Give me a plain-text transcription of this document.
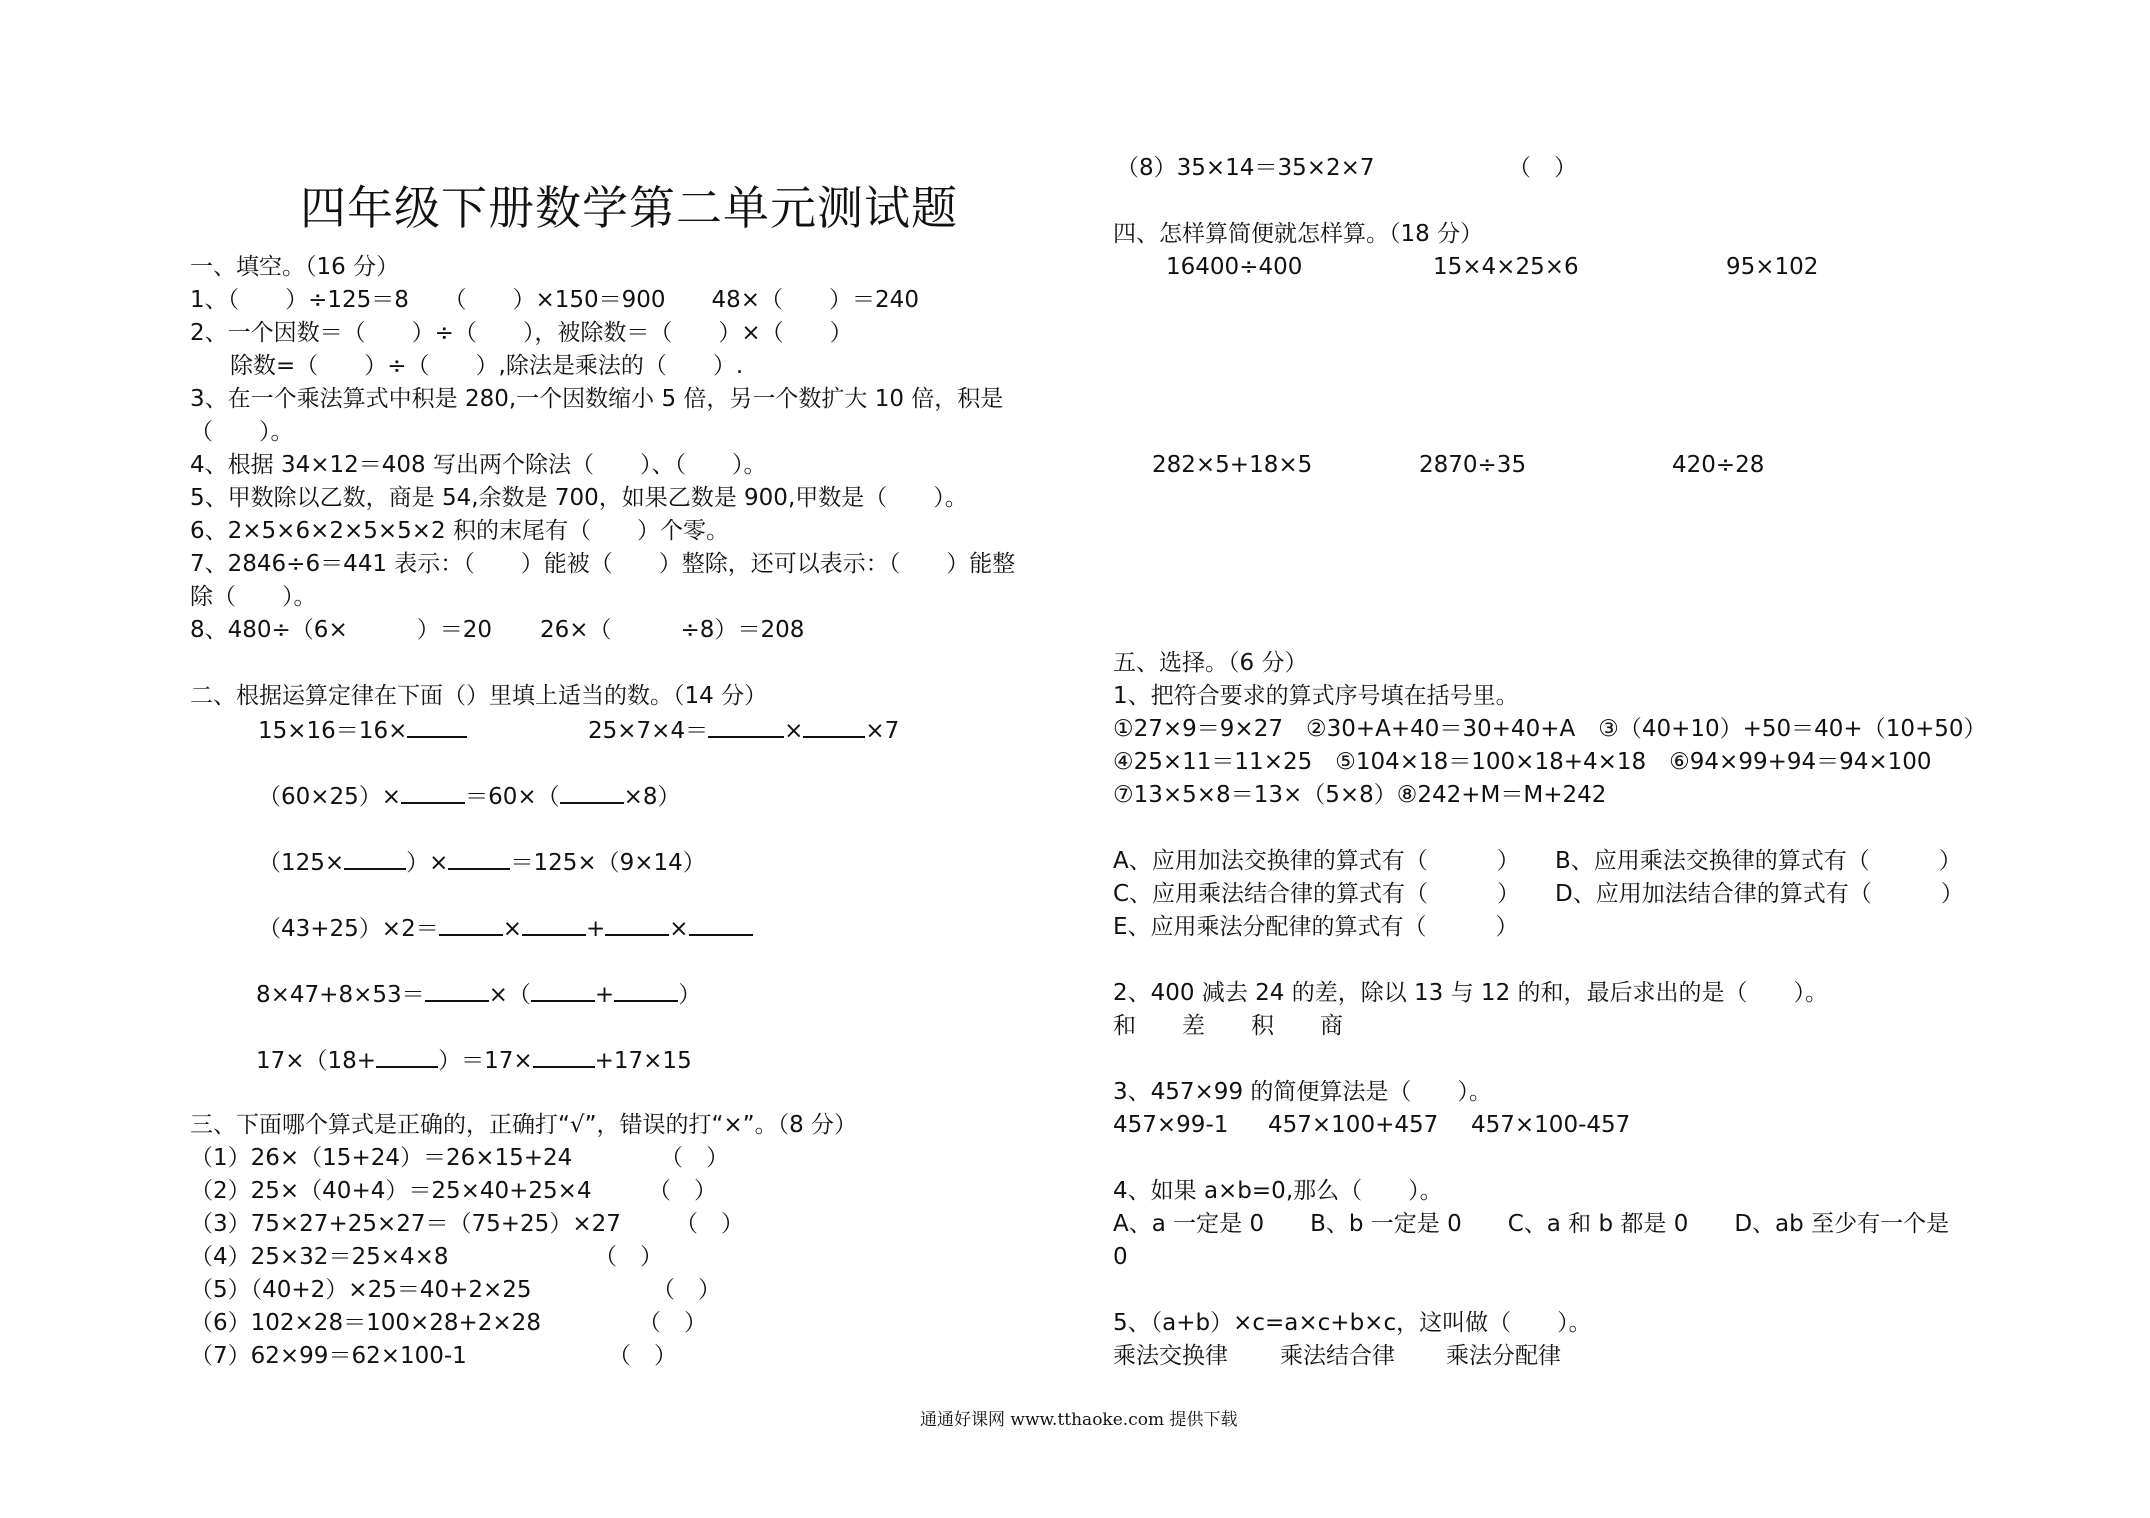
四年级下册数学第二单元测试题
一、填空。（16 分）
1、（　　）÷125＝8　　（　　）×150＝900　　48×（　　）＝240
2、一个因数＝（　　）÷（　　），被除数＝（　　）×（　　）
除数=（　　）÷（　　）,除法是乘法的（　　）.
3、在一个乘法算式中积是 280,一个因数缩小 5 倍，另一个数扩大 10 倍，积是
（　　）。
4、根据 34×12＝408 写出两个除法（　　）、（　　）。
5、甲数除以乙数，商是 54,余数是 700，如果乙数是 900,甲数是（　　）。
6、2×5×6×2×5×5×2 积的末尾有（　　）个零。
7、2846÷6＝441 表示：（　　）能被（　　）整除，还可以表示：（　　）能整
除（　　）。
8、480÷（6×　　　）＝20 26×（　　　÷8）＝208
二、根据运算定律在下面（）里填上适当的数。（14 分）
15×16＝16×	25×7×4＝	×	×7
（60×25）×	＝60×（	×8）
（125×	）×	＝125×（9×14）
（43+25）×2＝	×	+	×
8×47+8×53＝	×（	+	）
17×（18+	）＝17×	+17×15
三、下面哪个算式是正确的，正确打“√”，错误的打“×”。（8 分）
（1）26×（15+24）＝26×15+24	（　）
（2）25×（40+4）＝25×40+25×4 （　）
（3）75×27+25×27＝（75+25）×27 （　）
（4）25×32＝25×4×8	（　）
（5）（40+2）×25＝40+2×25	（　）
（6）102×28＝100×28+2×28	（　）
（7）62×99＝62×100-1	（　）
（8）35×14＝35×2×7	（　）
四、怎样算简便就怎样算。（18 分）
16400÷400	15×4×25×6	95×102
282×5+18×5	2870÷35	420÷28
五、选择。（6 分）
1、把符合要求的算式序号填在括号里。
①27×9＝9×27　②30+A+40＝30+40+A　③（40+10）+50＝40+（10+50）
④25×11＝11×25　⑤104×18＝100×18+4×18　⑥94×99+94＝94×100
⑦13×5×8＝13×（5×8）⑧242+M＝M+242
A、应用加法交换律的算式有（　　　） B、应用乘法交换律的算式有（　　　）
C、应用乘法结合律的算式有（　　　） D、应用加法结合律的算式有（　　　）
E、应用乘法分配律的算式有（　　　）
2、400 减去 24 的差，除以 13 与 12 的和，最后求出的是（　　）。
和　　差　　积　　商
3、457×99 的简便算法是（　　）。
457×99-1 457×100+457 457×100-457
4、如果 a×b=0,那么（　　）。
A、a 一定是 0　　B、b 一定是 0　　C、a 和 b 都是 0　　D、ab 至少有一个是
0
5、（a+b）×c=a×c+b×c，这叫做（　　）。
乘法交换律 乘法结合律 乘法分配律
通通好课网 www.tthaoke.com 提供下载
